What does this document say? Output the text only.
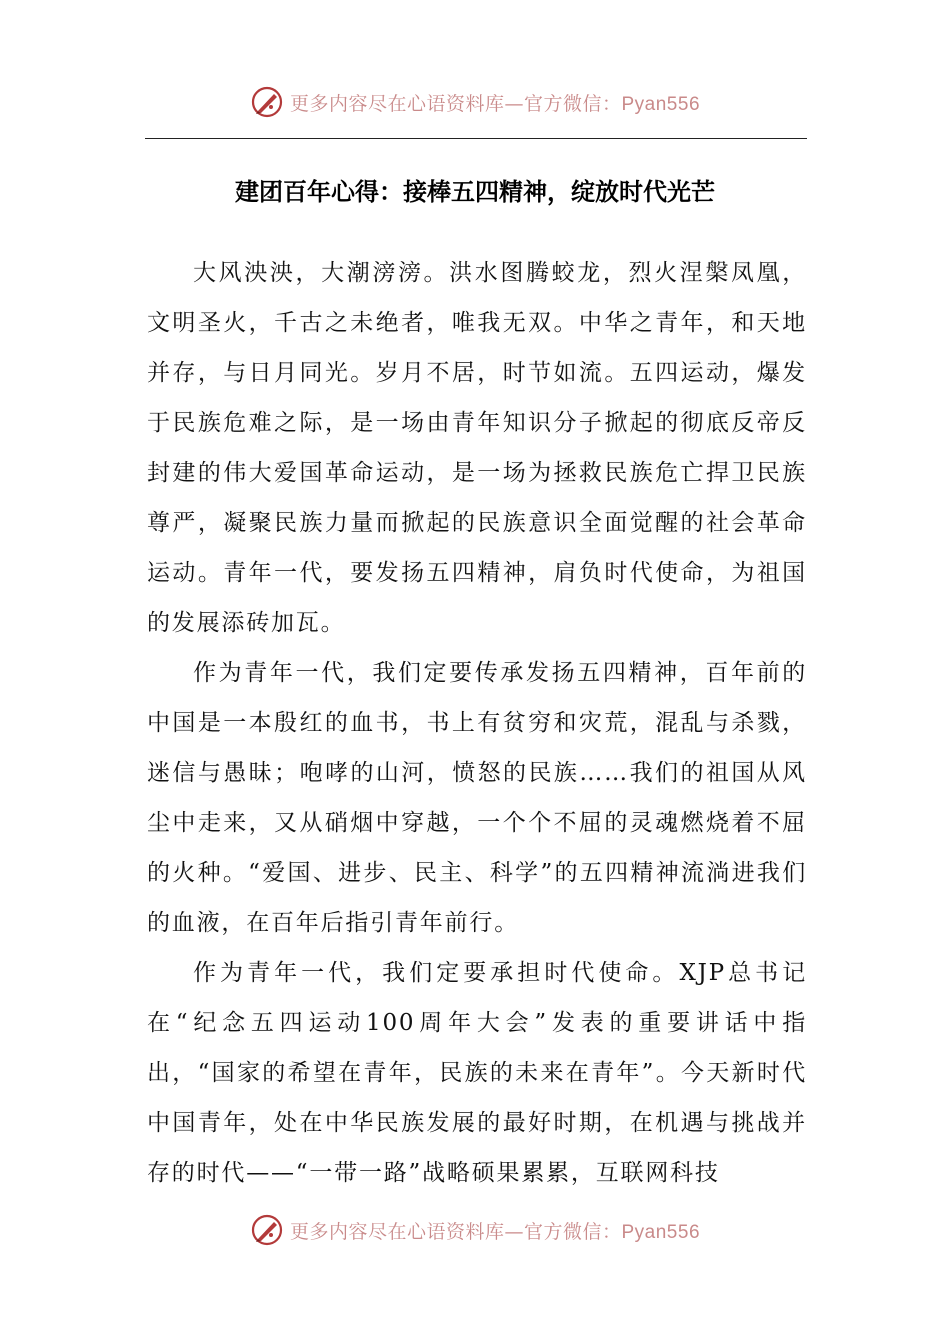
更多内容尽在心语资料库—官方微信：Pyan556
建团百年心得：接棒五四精神，绽放时代光芒

大风泱泱，大潮滂滂。洪水图腾蛟龙，烈火涅槃凤凰，文明圣火，千古之未绝者，唯我无双。中华之青年，和天地并存，与日月同光。岁月不居，时节如流。五四运动，爆发于民族危难之际，是一场由青年知识分子掀起的彻底反帝反封建的伟大爱国革命运动，是一场为拯救民族危亡捍卫民族尊严，凝聚民族力量而掀起的民族意识全面觉醒的社会革命运动。青年一代，要发扬五四精神，肩负时代使命，为祖国的发展添砖加瓦。

作为青年一代，我们定要传承发扬五四精神，百年前的中国是一本殷红的血书，书上有贫穷和灾荒，混乱与杀戮，迷信与愚昧；咆哮的山河，愤怒的民族……我们的祖国从风尘中走来，又从硝烟中穿越，一个个不屈的灵魂燃烧着不屈的火种。“爱国、进步、民主、科学”的五四精神流淌进我们的血液，在百年后指引青年前行。

作为青年一代，我们定要承担时代使命。XJP总书记在“纪念五四运动100周年大会”发表的重要讲话中指出，“国家的希望在青年，民族的未来在青年”。今天新时代中国青年，处在中华民族发展的最好时期，在机遇与挑战并存的时代——“一带一路”战略硕果累累，互联网科技

更多内容尽在心语资料库—官方微信：Pyan556
